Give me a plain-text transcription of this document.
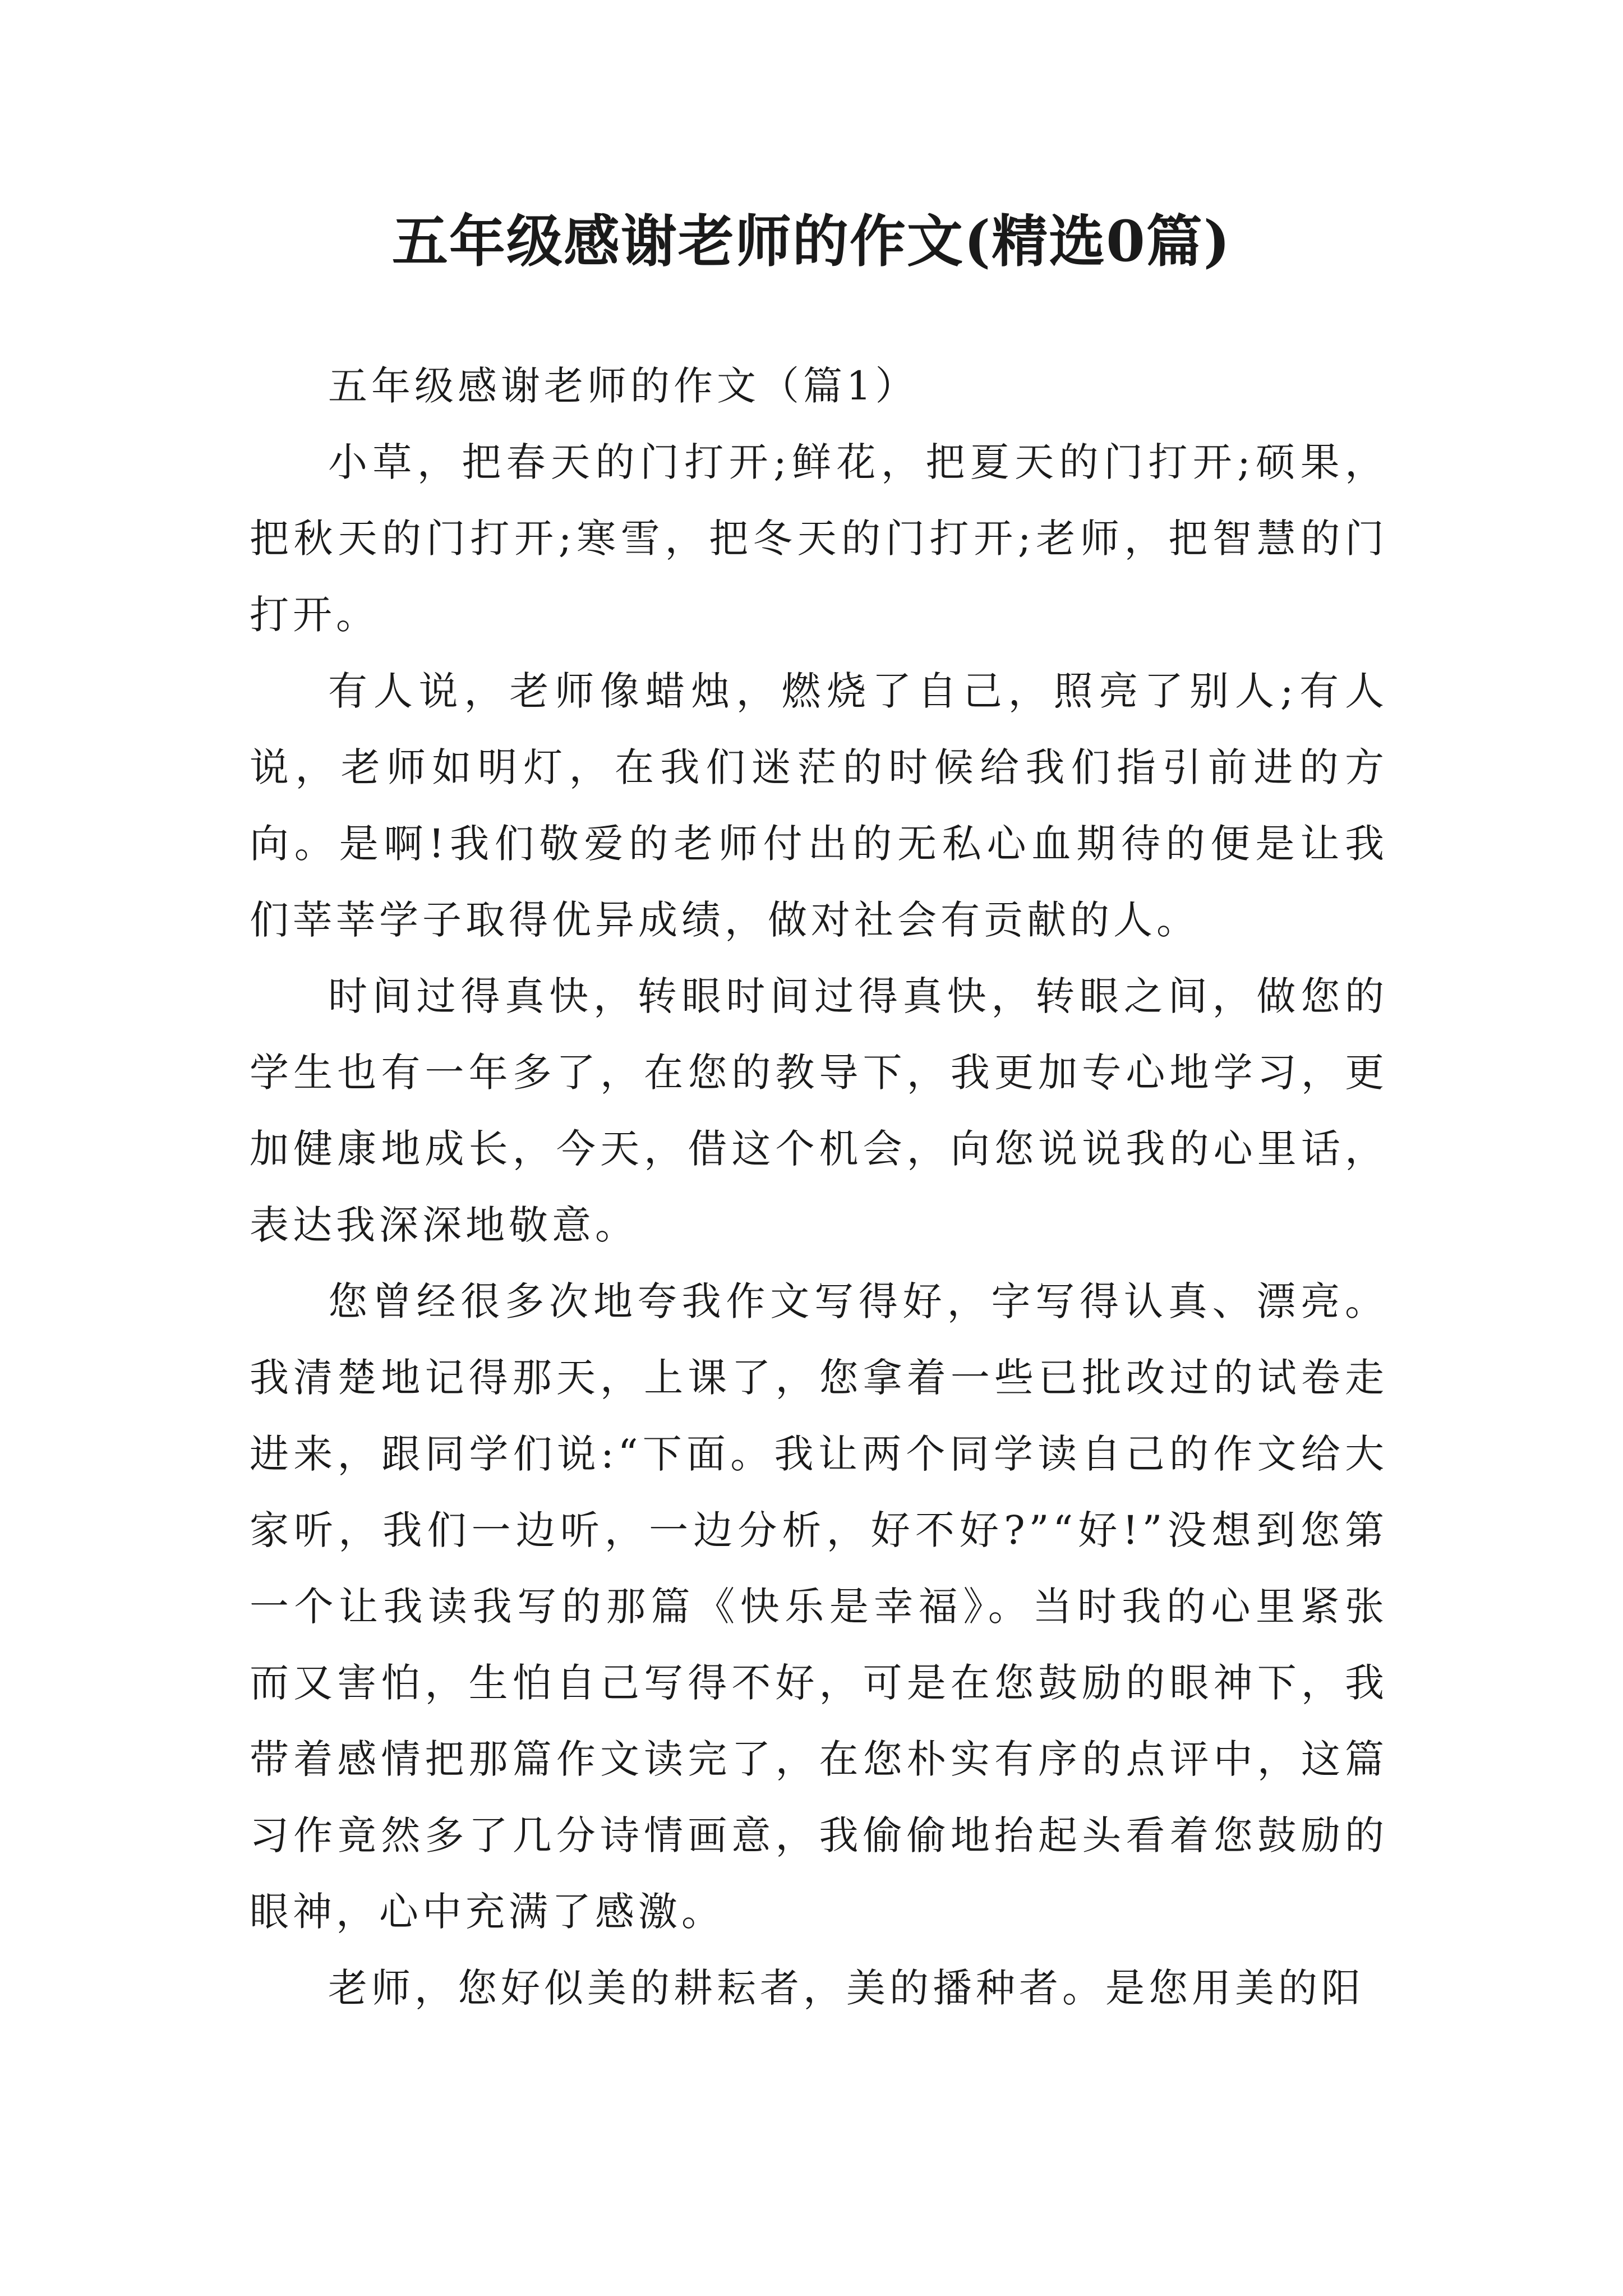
五年级感谢老师的作文(精选0篇)

五年级感谢老师的作文（篇1）

小草，把春天的门打开;鲜花，把夏天的门打开;硕果，把秋天的门打开;寒雪，把冬天的门打开;老师，把智慧的门打开。

有人说，老师像蜡烛，燃烧了自己，照亮了别人;有人说，老师如明灯，在我们迷茫的时候给我们指引前进的方向。是啊!我们敬爱的老师付出的无私心血期待的便是让我们莘莘学子取得优异成绩，做对社会有贡献的人。

时间过得真快，转眼时间过得真快，转眼之间，做您的学生也有一年多了，在您的教导下，我更加专心地学习，更加健康地成长，今天，借这个机会，向您说说我的心里话，表达我深深地敬意。

您曾经很多次地夸我作文写得好，字写得认真、漂亮。我清楚地记得那天，上课了，您拿着一些已批改过的试卷走进来，跟同学们说:“下面。我让两个同学读自己的作文给大家听，我们一边听，一边分析，好不好?”“好!”没想到您第一个让我读我写的那篇《快乐是幸福》。当时我的心里紧张而又害怕，生怕自己写得不好，可是在您鼓励的眼神下，我带着感情把那篇作文读完了，在您朴实有序的点评中，这篇习作竟然多了几分诗情画意，我偷偷地抬起头看着您鼓励的眼神，心中充满了感激。

老师，您好似美的耕耘者，美的播种者。是您用美的阳
